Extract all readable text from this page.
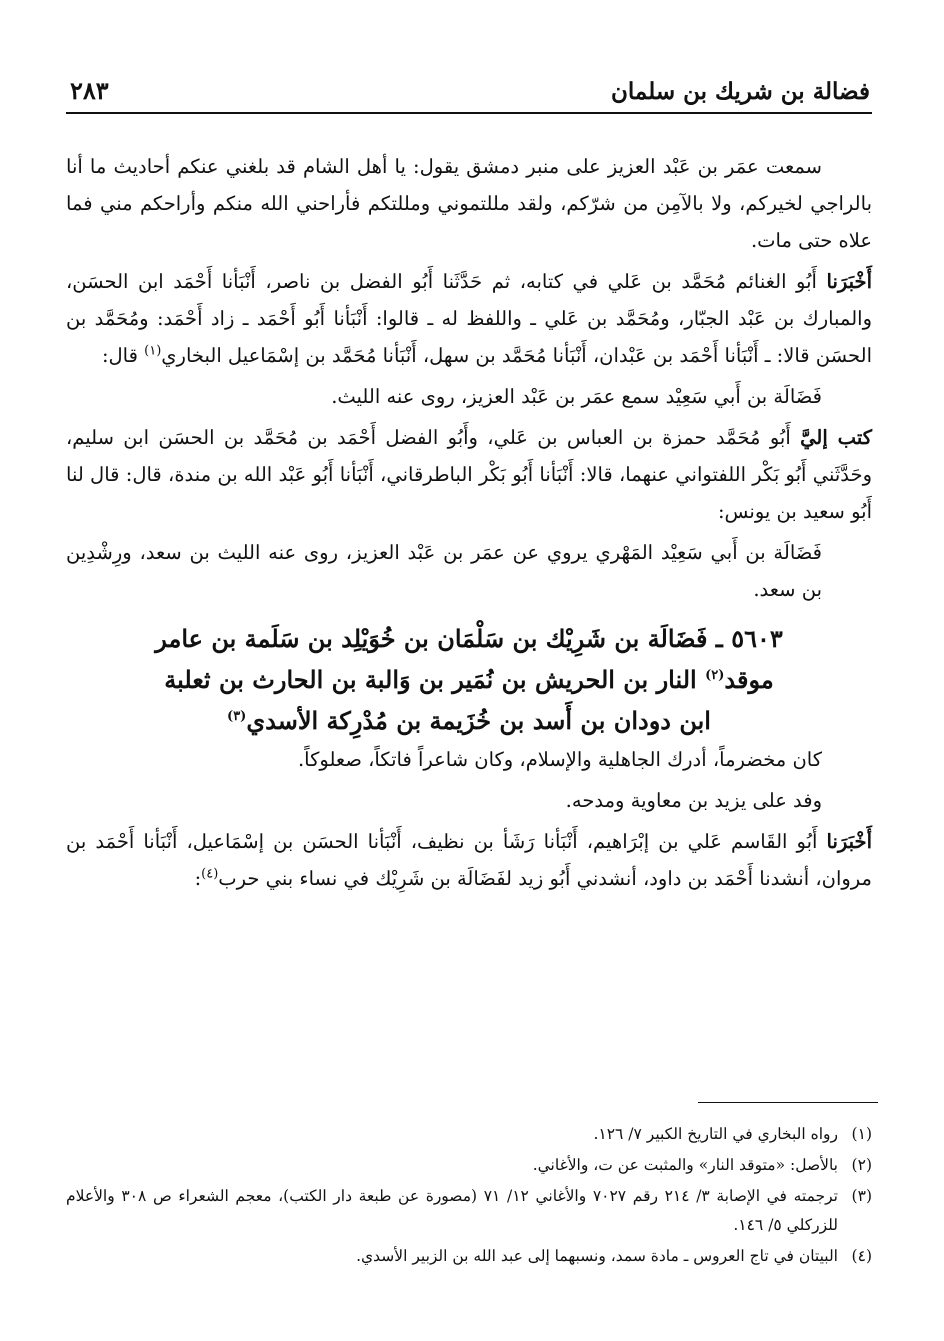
فضالة بن شريك بن سلمان
٢٨٣

سمعت عمَر بن عَبْد العزيز على منبر دمشق يقول: يا أهل الشام قد بلغني عنكم أحاديث ما أنا بالراجي لخيركم، ولا بالآمِن من شرّكم، ولقد مللتموني ومللتكم فأراحني الله منكم وأراحكم مني فما علاه حتى مات.

أَخْبَرَنا أَبُو الغنائم مُحَمَّد بن عَلي في كتابه، ثم حَدَّثَنا أَبُو الفضل بن ناصر، أَنْبَأنا أَحْمَد ابن الحسَن، والمبارك بن عَبْد الجبّار، ومُحَمَّد بن عَلي ـ واللفظ له ـ قالوا: أَنْبَأنا أَبُو أَحْمَد ـ زاد أَحْمَد: ومُحَمَّد بن الحسَن قالا: ـ أَنْبَأنا أَحْمَد بن عَبْدان، أَنْبَأنا مُحَمَّد بن سهل، أَنْبَأنا مُحَمَّد بن إسْمَاعيل البخاري$^{(١)}$ قال:

فَضَالَة بن أَبي سَعِيْد سمع عمَر بن عَبْد العزيز، روى عنه الليث.

كتب إليَّ أَبُو مُحَمَّد حمزة بن العباس بن عَلي، وأَبُو الفضل أَحْمَد بن مُحَمَّد بن الحسَن ابن سليم، وحَدَّثَني أَبُو بَكْر اللفتواني عنهما، قالا: أَنْبَأنا أَبُو بَكْر الباطرقاني، أَنْبَأنا أَبُو عَبْد الله بن مندة، قال: قال لنا أَبُو سعيد بن يونس:

فَضَالَة بن أَبي سَعِيْد المَهْري يروي عن عمَر بن عَبْد العزيز، روى عنه الليث بن سعد، ورِشْدِين بن سعد.

٥٦٠٣ ـ فَضَالَة بن شَرِيْك بن سَلْمَان بن خُوَيْلِد بن سَلَمة بن عامر
موقد$^{(٢)}$ النار بن الحريش بن نُمَير بن وَالبة بن الحارث بن ثعلبة
ابن دودان بن أَسد بن خُزَيمة بن مُدْرِكة الأسدي$^{(٣)}$

كان مخضرماً، أدرك الجاهلية والإسلام، وكان شاعراً فاتكاً، صعلوكاً.

وفد على يزيد بن معاوية ومدحه.

أَخْبَرَنا أَبُو القَاسم عَلي بن إبْرَاهيم، أَنْبَأنا رَشَأ بن نظيف، أَنْبَأنا الحسَن بن إسْمَاعيل، أَنْبَأنا أَحْمَد بن مروان، أنشدنا أَحْمَد بن داود، أنشدني أَبُو زيد لفَضَالَة بن شَرِيْك في نساء بني حرب$^{(٤)}$:

(١)
رواه البخاري في التاريخ الكبير ٧/ ١٢٦.
(٢)
بالأصل: «متوقد النار» والمثبت عن ت، والأغاني.
(٣)
ترجمته في الإصابة ٣/ ٢١٤ رقم ٧٠٢٧ والأغاني ١٢/ ٧١ (مصورة عن طبعة دار الكتب)، معجم الشعراء ص ٣٠٨ والأعلام للزركلي ٥/ ١٤٦.
(٤)
البيتان في تاج العروس ـ مادة سمد، ونسبهما إلى عبد الله بن الزبير الأسدي.
